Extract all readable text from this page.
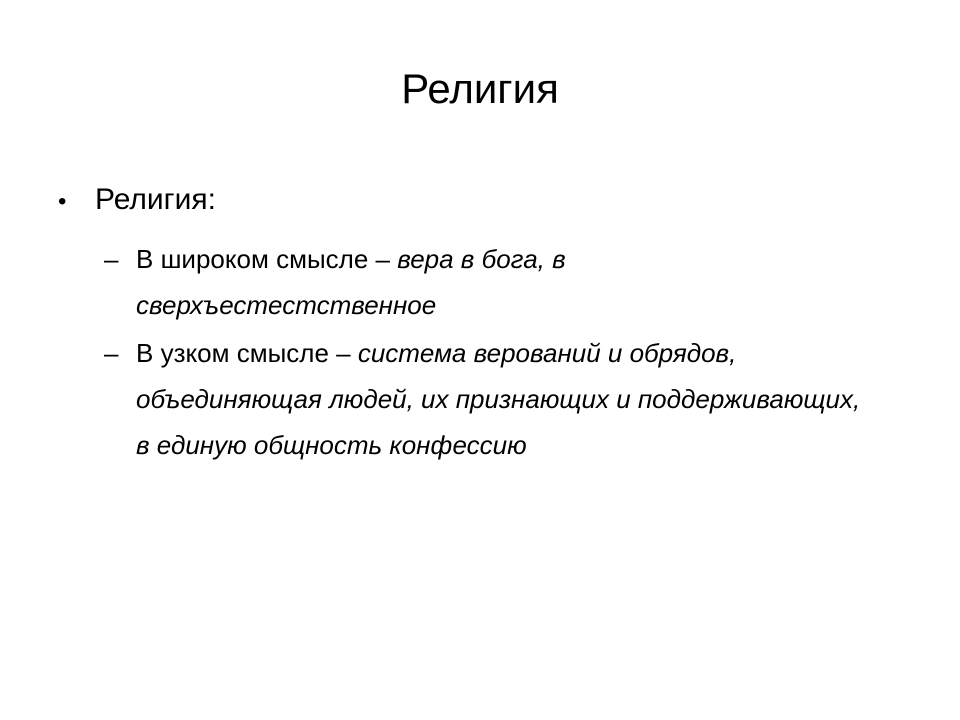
Религия
• Религия:
– В широком смысле – вера в бога, в сверхъестестственное
– В узком смысле – система верований и обрядов, объединяющая людей, их признающих и поддерживающих, в единую общность конфессию
